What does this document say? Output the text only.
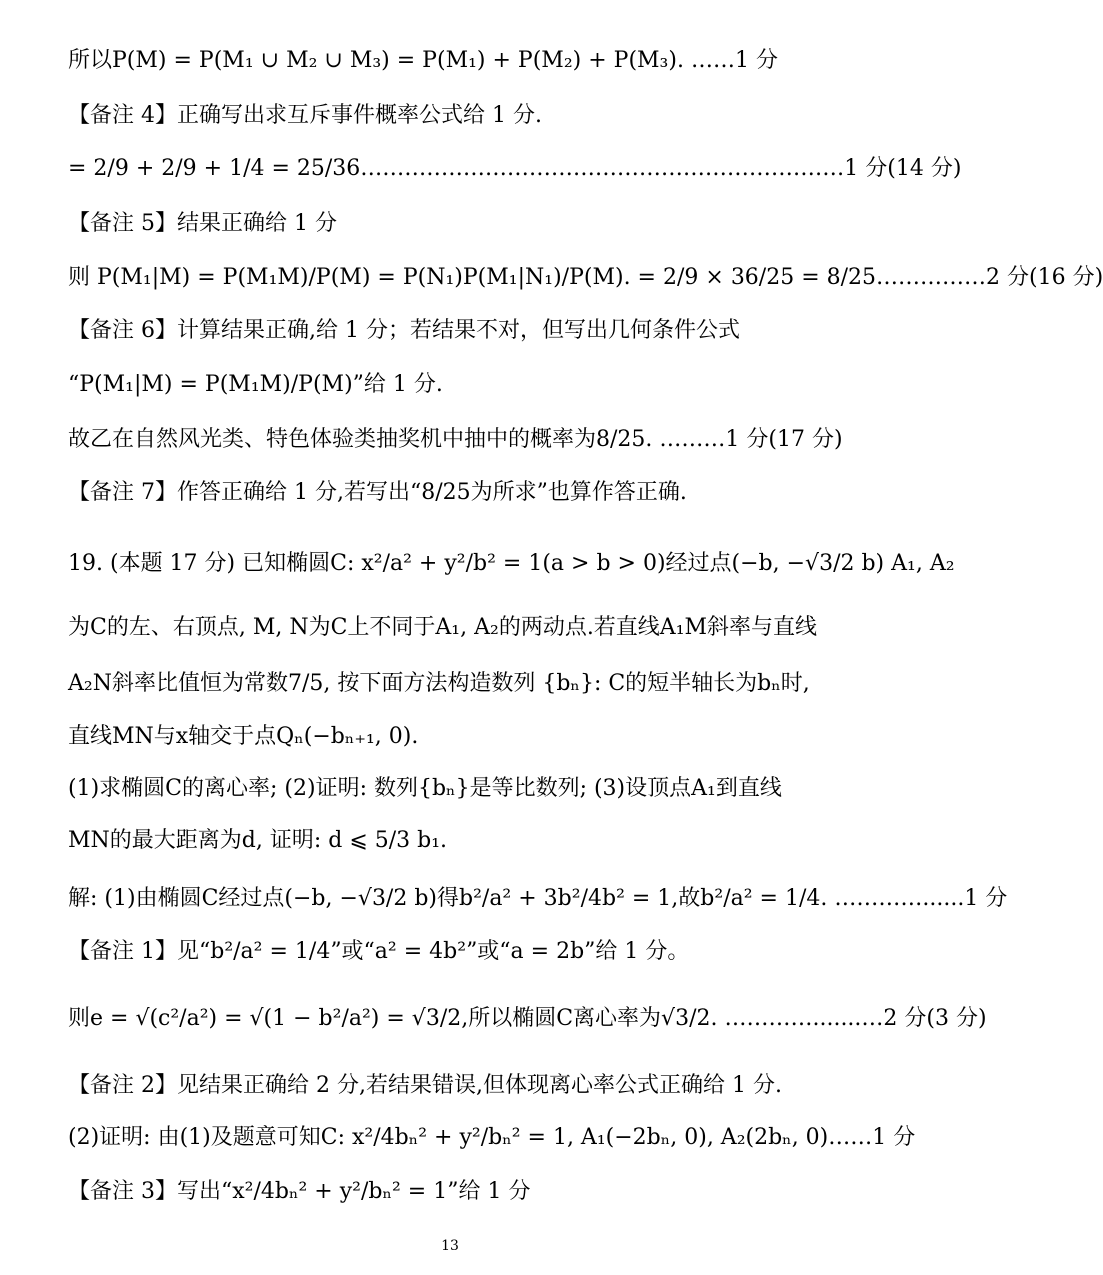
所以P(M) = P(M₁ ∪ M₂ ∪ M₃) = P(M₁) + P(M₂) + P(M₃). ……1 分
【备注 4】正确写出求互斥事件概率公式给 1 分.
= 2/9 + 2/9 + 1/4 = 25/36…………………………………………………………1 分(14 分)
【备注 5】结果正确给 1 分
则 P(M₁|M) = P(M₁M)/P(M) = P(N₁)P(M₁|N₁)/P(M). = 2/9 × 36/25 = 8/25……………2 分(16 分)
【备注 6】计算结果正确,给 1 分；若结果不对，但写出几何条件公式
“P(M₁|M) = P(M₁M)/P(M)”给 1 分.
故乙在自然风光类、特色体验类抽奖机中抽中的概率为8/25. ………1 分(17 分)
【备注 7】作答正确给 1 分,若写出“8/25为所求”也算作答正确.
19. (本题 17 分) 已知椭圆C: x²/a² + y²/b² = 1(a > b > 0)经过点(−b, −√3/2 b) A₁, A₂
为C的左、右顶点, M, N为C上不同于A₁, A₂的两动点.若直线A₁M斜率与直线
A₂N斜率比值恒为常数7/5, 按下面方法构造数列 {bₙ}: C的短半轴长为bₙ时,
直线MN与x轴交于点Qₙ(−bₙ₊₁, 0).
(1)求椭圆C的离心率; (2)证明: 数列{bₙ}是等比数列; (3)设顶点A₁到直线
MN的最大距离为d, 证明: d ⩽ 5/3 b₁.
解: (1)由椭圆C经过点(−b, −√3/2 b)得b²/a² + 3b²/4b² = 1,故b²/a² = 1/4. …………......1 分
【备注 1】见“b²/a² = 1/4”或“a² = 4b²”或“a = 2b”给 1 分。
则e = √(c²/a²) = √(1 − b²/a²) = √3/2,所以椭圆C离心率为√3/2. ………….......…2 分(3 分)
【备注 2】见结果正确给 2 分,若结果错误,但体现离心率公式正确给 1 分.
(2)证明: 由(1)及题意可知C: x²/4bₙ² + y²/bₙ² = 1, A₁(−2bₙ, 0), A₂(2bₙ, 0)……1 分
【备注 3】写出“x²/4bₙ² + y²/bₙ² = 1”给 1 分
13
